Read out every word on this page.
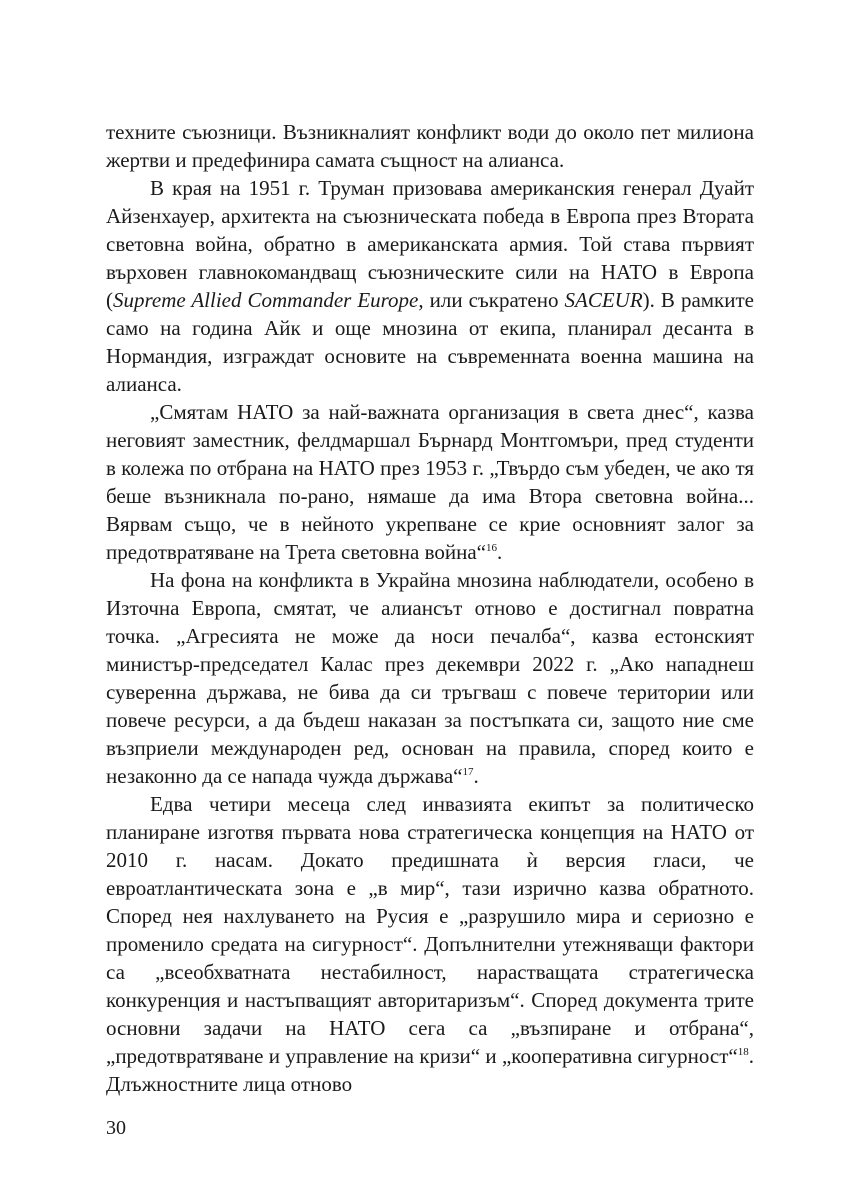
техните съюзници. Възникналият конфликт води до около пет милиона жертви и предефинира самата същност на алианса.

В края на 1951 г. Труман призовава американския генерал Дуайт Айзенхауер, архитекта на съюзническата победа в Европа през Втората световна война, обратно в американската армия. Той става първият върховен главнокомандващ съюзническите сили на НАТО в Европа (Supreme Allied Commander Europe, или съкратено SACEUR). В рамките само на година Айк и още мнозина от екипа, планирал десанта в Нормандия, изграждат основите на съвременната военна машина на алианса.

„Смятам НАТО за най-важната организация в света днес“, казва неговият заместник, фелдмаршал Бърнард Монтгомъри, пред студенти в колежа по отбрана на НАТО през 1953 г. „Твърдо съм убеден, че ако тя беше възникнала по-рано, нямаше да има Втора световна война... Вярвам също, че в нейното укрепване се крие основният залог за предотвратяване на Трета световна война“$^{16}$.

На фона на конфликта в Украйна мнозина наблюдатели, особено в Източна Европа, смятат, че алиансът отново е достигнал повратна точка. „Агресията не може да носи печалба“, казва естонският министър-председател Калас през декември 2022 г. „Ако нападнеш суверенна държава, не бива да си тръгваш с повече територии или повече ресурси, а да бъдеш наказан за постъпката си, защото ние сме възприели международен ред, основан на правила, според които е незаконно да се напада чужда държава“$^{17}$.

Едва четири месеца след инвазията екипът за политическо планиране изготвя първата нова стратегическа концепция на НАТО от 2010 г. насам. Докато предишната ѝ версия гласи, че евроатлантическата зона е „в мир“, тази изрично казва обратното. Според нея нахлуването на Русия е „разрушило мира и сериозно е променило средата на сигурност“. Допълнителни утежняващи фактори са „всеобхватната нестабилност, нарастващата стратегическа конкуренция и настъпващият авторитаризъм“. Според документа трите основни задачи на НАТО сега са „възпиране и отбрана“, „предотвратяване и управление на кризи“ и „кооперативна сигурност“$^{18}$. Длъжностните лица отново

30
